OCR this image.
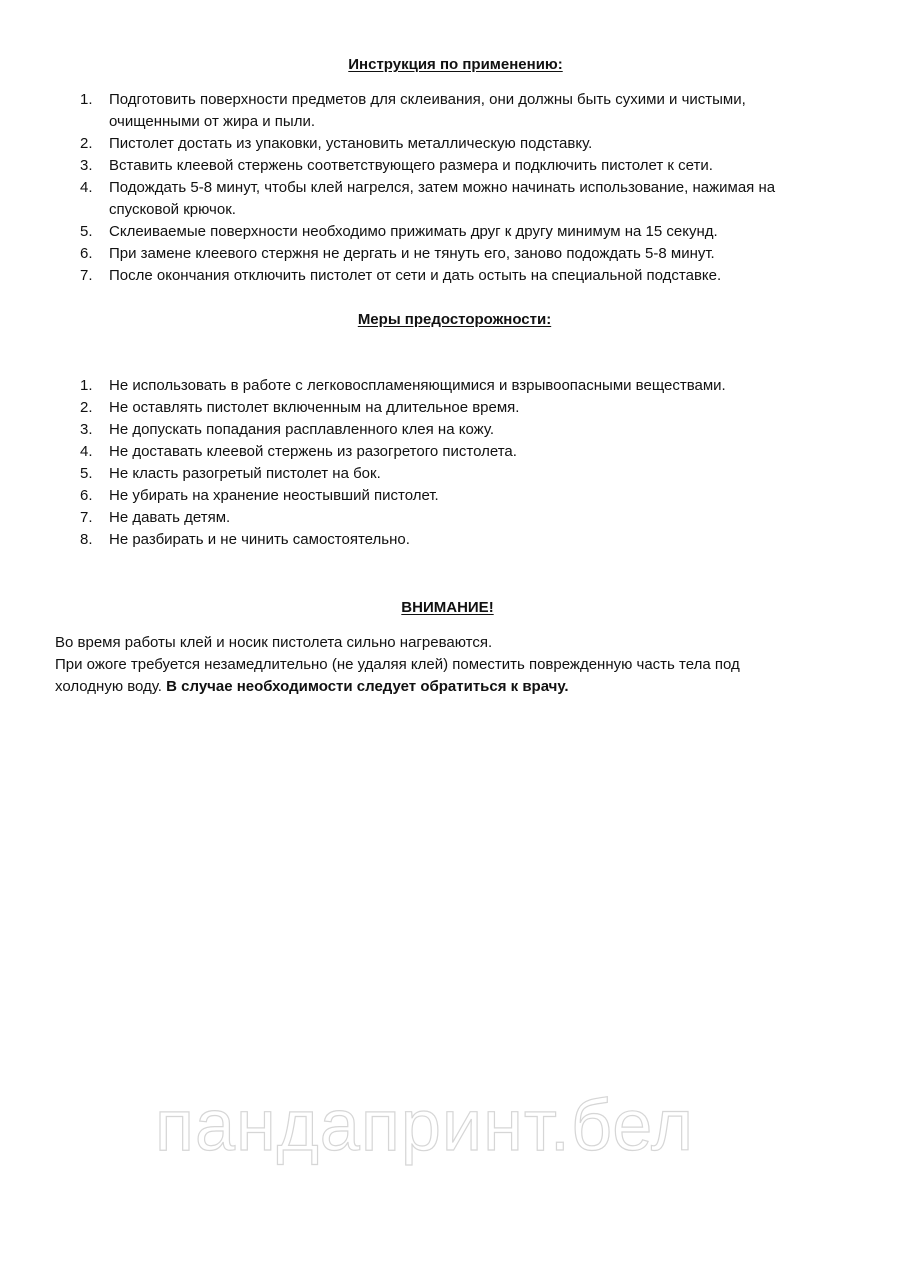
Инструкция по применению:
1. Подготовить поверхности предметов для склеивания, они должны быть сухими и чистыми,
очищенными от жира и пыли.
2. Пистолет достать из упаковки, установить металлическую подставку.
3. Вставить клеевой стержень соответствующего размера и подключить пистолет к сети.
4. Подождать 5-8 минут, чтобы клей нагрелся, затем можно начинать использование, нажимая на
спусковой крючок.
5. Склеиваемые поверхности необходимо прижимать друг к другу минимум на 15 секунд.
6. При замене клеевого стержня не дергать и не тянуть его, заново подождать 5-8 минут.
7. После окончания отключить пистолет от сети и дать остыть на специальной подставке.
Меры предосторожности:
1. Не использовать в работе с легковоспламеняющимися и взрывоопасными веществами.
2. Не оставлять пистолет включенным на длительное время.
3. Не допускать попадания расплавленного клея на кожу.
4. Не доставать клеевой стержень из разогретого пистолета.
5. Не класть разогретый пистолет на бок.
6. Не убирать на хранение неостывший пистолет.
7. Не давать детям.
8. Не разбирать и не чинить самостоятельно.
ВНИМАНИЕ!

Во время работы клей и носик пистолета сильно нагреваются.

При ожоге требуется незамедлительно (не удаляя клей) поместить поврежденную часть тела под

холодную воду. В случае необходимости следует обратиться к врачу.

пандапринт.бел
